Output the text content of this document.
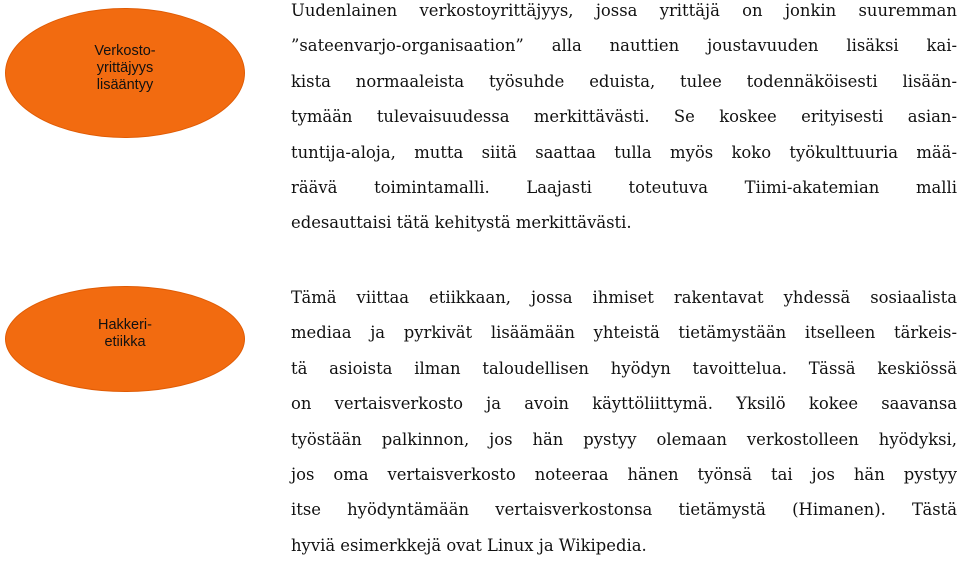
Verkosto-
yrittäjyys
lisääntyy
Uudenlainen verkostoyrittäjyys, jossa yrittäjä on jonkin suuremman
”sateenvarjo-organisaation” alla nauttien joustavuuden lisäksi kai-
kista normaaleista työsuhde eduista, tulee todennäköisesti lisään-
tymään tulevaisuudessa merkittävästi. Se koskee erityisesti asian-
tuntija-aloja, mutta siitä saattaa tulla myös koko työkulttuuria mää-
räävä toimintamalli. Laajasti toteutuva Tiimi-akatemian malli
edesauttaisi tätä kehitystä merkittävästi.
Hakkeri-
etiikka
Tämä viittaa etiikkaan, jossa ihmiset rakentavat yhdessä sosiaalista
mediaa ja pyrkivät lisäämään yhteistä tietämystään itselleen tärkeis-
tä asioista ilman taloudellisen hyödyn tavoittelua. Tässä keskiössä
on vertaisverkosto ja avoin käyttöliittymä. Yksilö kokee saavansa
työstään palkinnon, jos hän pystyy olemaan verkostolleen hyödyksi,
jos oma vertaisverkosto noteeraa hänen työnsä tai jos hän pystyy
itse hyödyntämään vertaisverkostonsa tietämystä (Himanen). Tästä
hyviä esimerkkejä ovat Linux ja Wikipedia.
